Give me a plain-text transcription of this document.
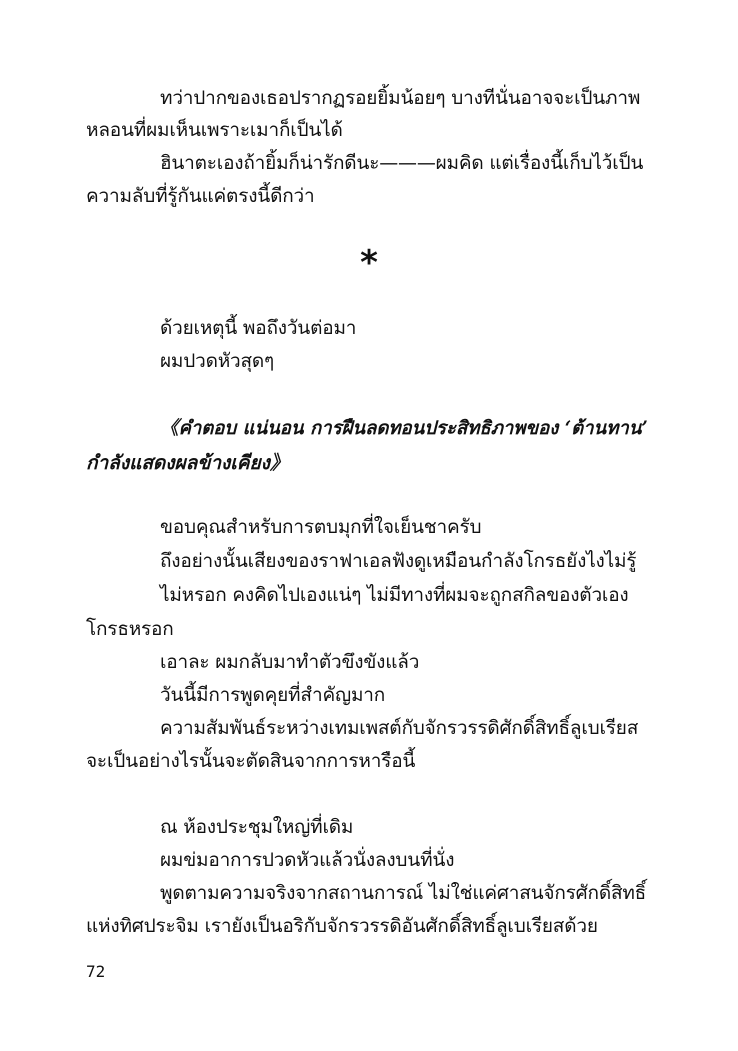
ทว่าปากของเธอปรากฏรอยยิ้มน้อยๆ บางทีนั่นอาจจะเป็นภาพ
หลอนที่ผมเห็นเพราะเมาก็เป็นได้
ฮินาตะเองถ้ายิ้มก็น่ารักดีนะ———ผมคิด แต่เรื่องนี้เก็บไว้เป็น
ความลับที่รู้กันแค่ตรงนี้ดีกว่า
*
ด้วยเหตุนี้ พอถึงวันต่อมา
ผมปวดหัวสุดๆ
《คำตอบ แน่นอน การฝืนลดทอนประสิทธิภาพของ ‘ต้านทาน’
กำลังแสดงผลข้างเคียง》
ขอบคุณสำหรับการตบมุกที่ใจเย็นชาครับ
ถึงอย่างนั้นเสียงของราฟาเอลฟังดูเหมือนกำลังโกรธยังไงไม่รู้
ไม่หรอก คงคิดไปเองแน่ๆ ไม่มีทางที่ผมจะถูกสกิลของตัวเอง
โกรธหรอก
เอาละ ผมกลับมาทำตัวขึงขังแล้ว
วันนี้มีการพูดคุยที่สำคัญมาก
ความสัมพันธ์ระหว่างเทมเพสต์กับจักรวรรดิศักดิ์สิทธิ์ลูเบเรียส
จะเป็นอย่างไรนั้นจะตัดสินจากการหารือนี้
ณ ห้องประชุมใหญ่ที่เดิม
ผมข่มอาการปวดหัวแล้วนั่งลงบนที่นั่ง
พูดตามความจริงจากสถานการณ์ ไม่ใช่แค่ศาสนจักรศักดิ์สิทธิ์
แห่งทิศประจิม เรายังเป็นอริกับจักรวรรดิอันศักดิ์สิทธิ์ลูเบเรียสด้วย
72
